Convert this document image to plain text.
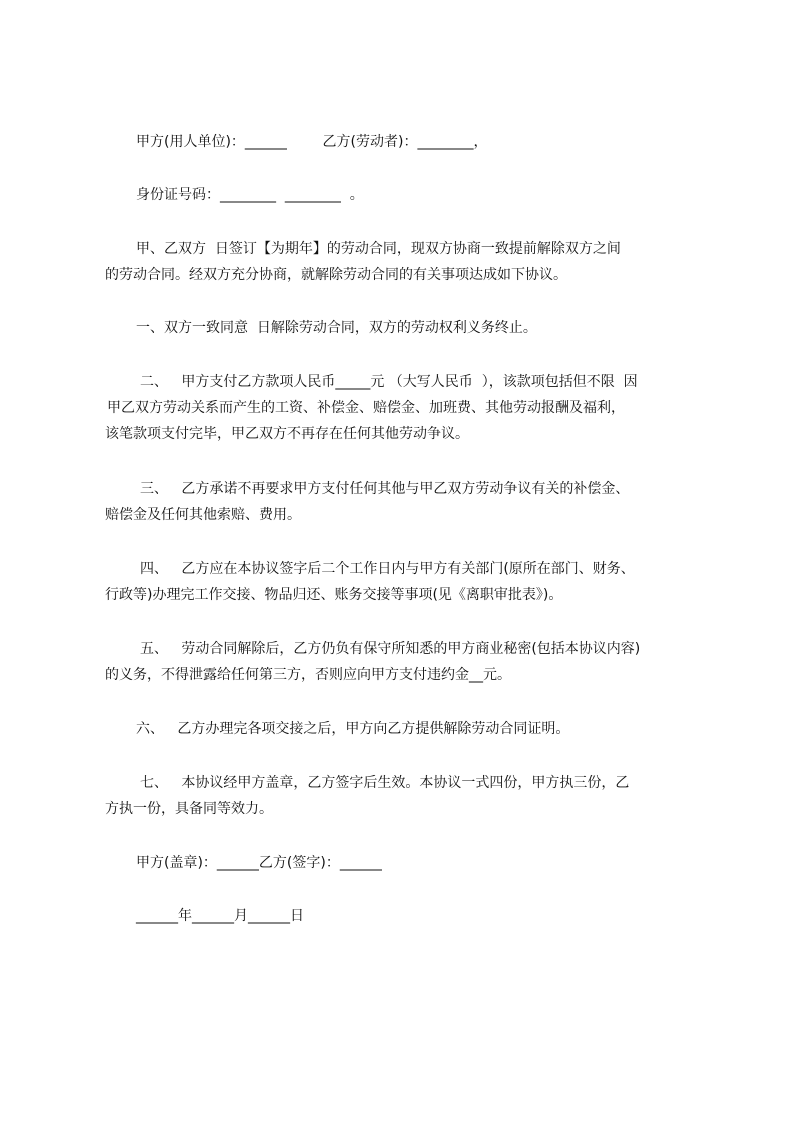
甲方(用人单位)：______        乙方(劳动者)：________，
身份证号码：________  ________  。
甲、乙双方  日签订【为期年】的劳动合同，现双方协商一致提前解除双方之间
的劳动合同。经双方充分协商，就解除劳动合同的有关事项达成如下协议。
一、双方一致同意  日解除劳动合同，双方的劳动权利义务终止。
二、   甲方支付乙方款项人民币_____元 （大写人民币  ），该款项包括但不限  因
甲乙双方劳动关系而产生的工资、补偿金、赔偿金、加班费、其他劳动报酬及福利，
该笔款项支付完毕，甲乙双方不再存在任何其他劳动争议。
三、   乙方承诺不再要求甲方支付任何其他与甲乙双方劳动争议有关的补偿金、
赔偿金及任何其他索赔、费用。
四、   乙方应在本协议签字后二个工作日内与甲方有关部门(原所在部门、财务、
行政等)办理完工作交接、物品归还、账务交接等事项(见《离职审批表》)。
五、   劳动合同解除后，乙方仍负有保守所知悉的甲方商业秘密(包括本协议内容)
的义务，不得泄露给任何第三方，否则应向甲方支付违约金__元。
六、   乙方办理完各项交接之后，甲方向乙方提供解除劳动合同证明。
七、   本协议经甲方盖章，乙方签字后生效。本协议一式四份，甲方执三份，乙
方执一份，具备同等效力。
甲方(盖章)：______乙方(签字)：______
______年______月______日
